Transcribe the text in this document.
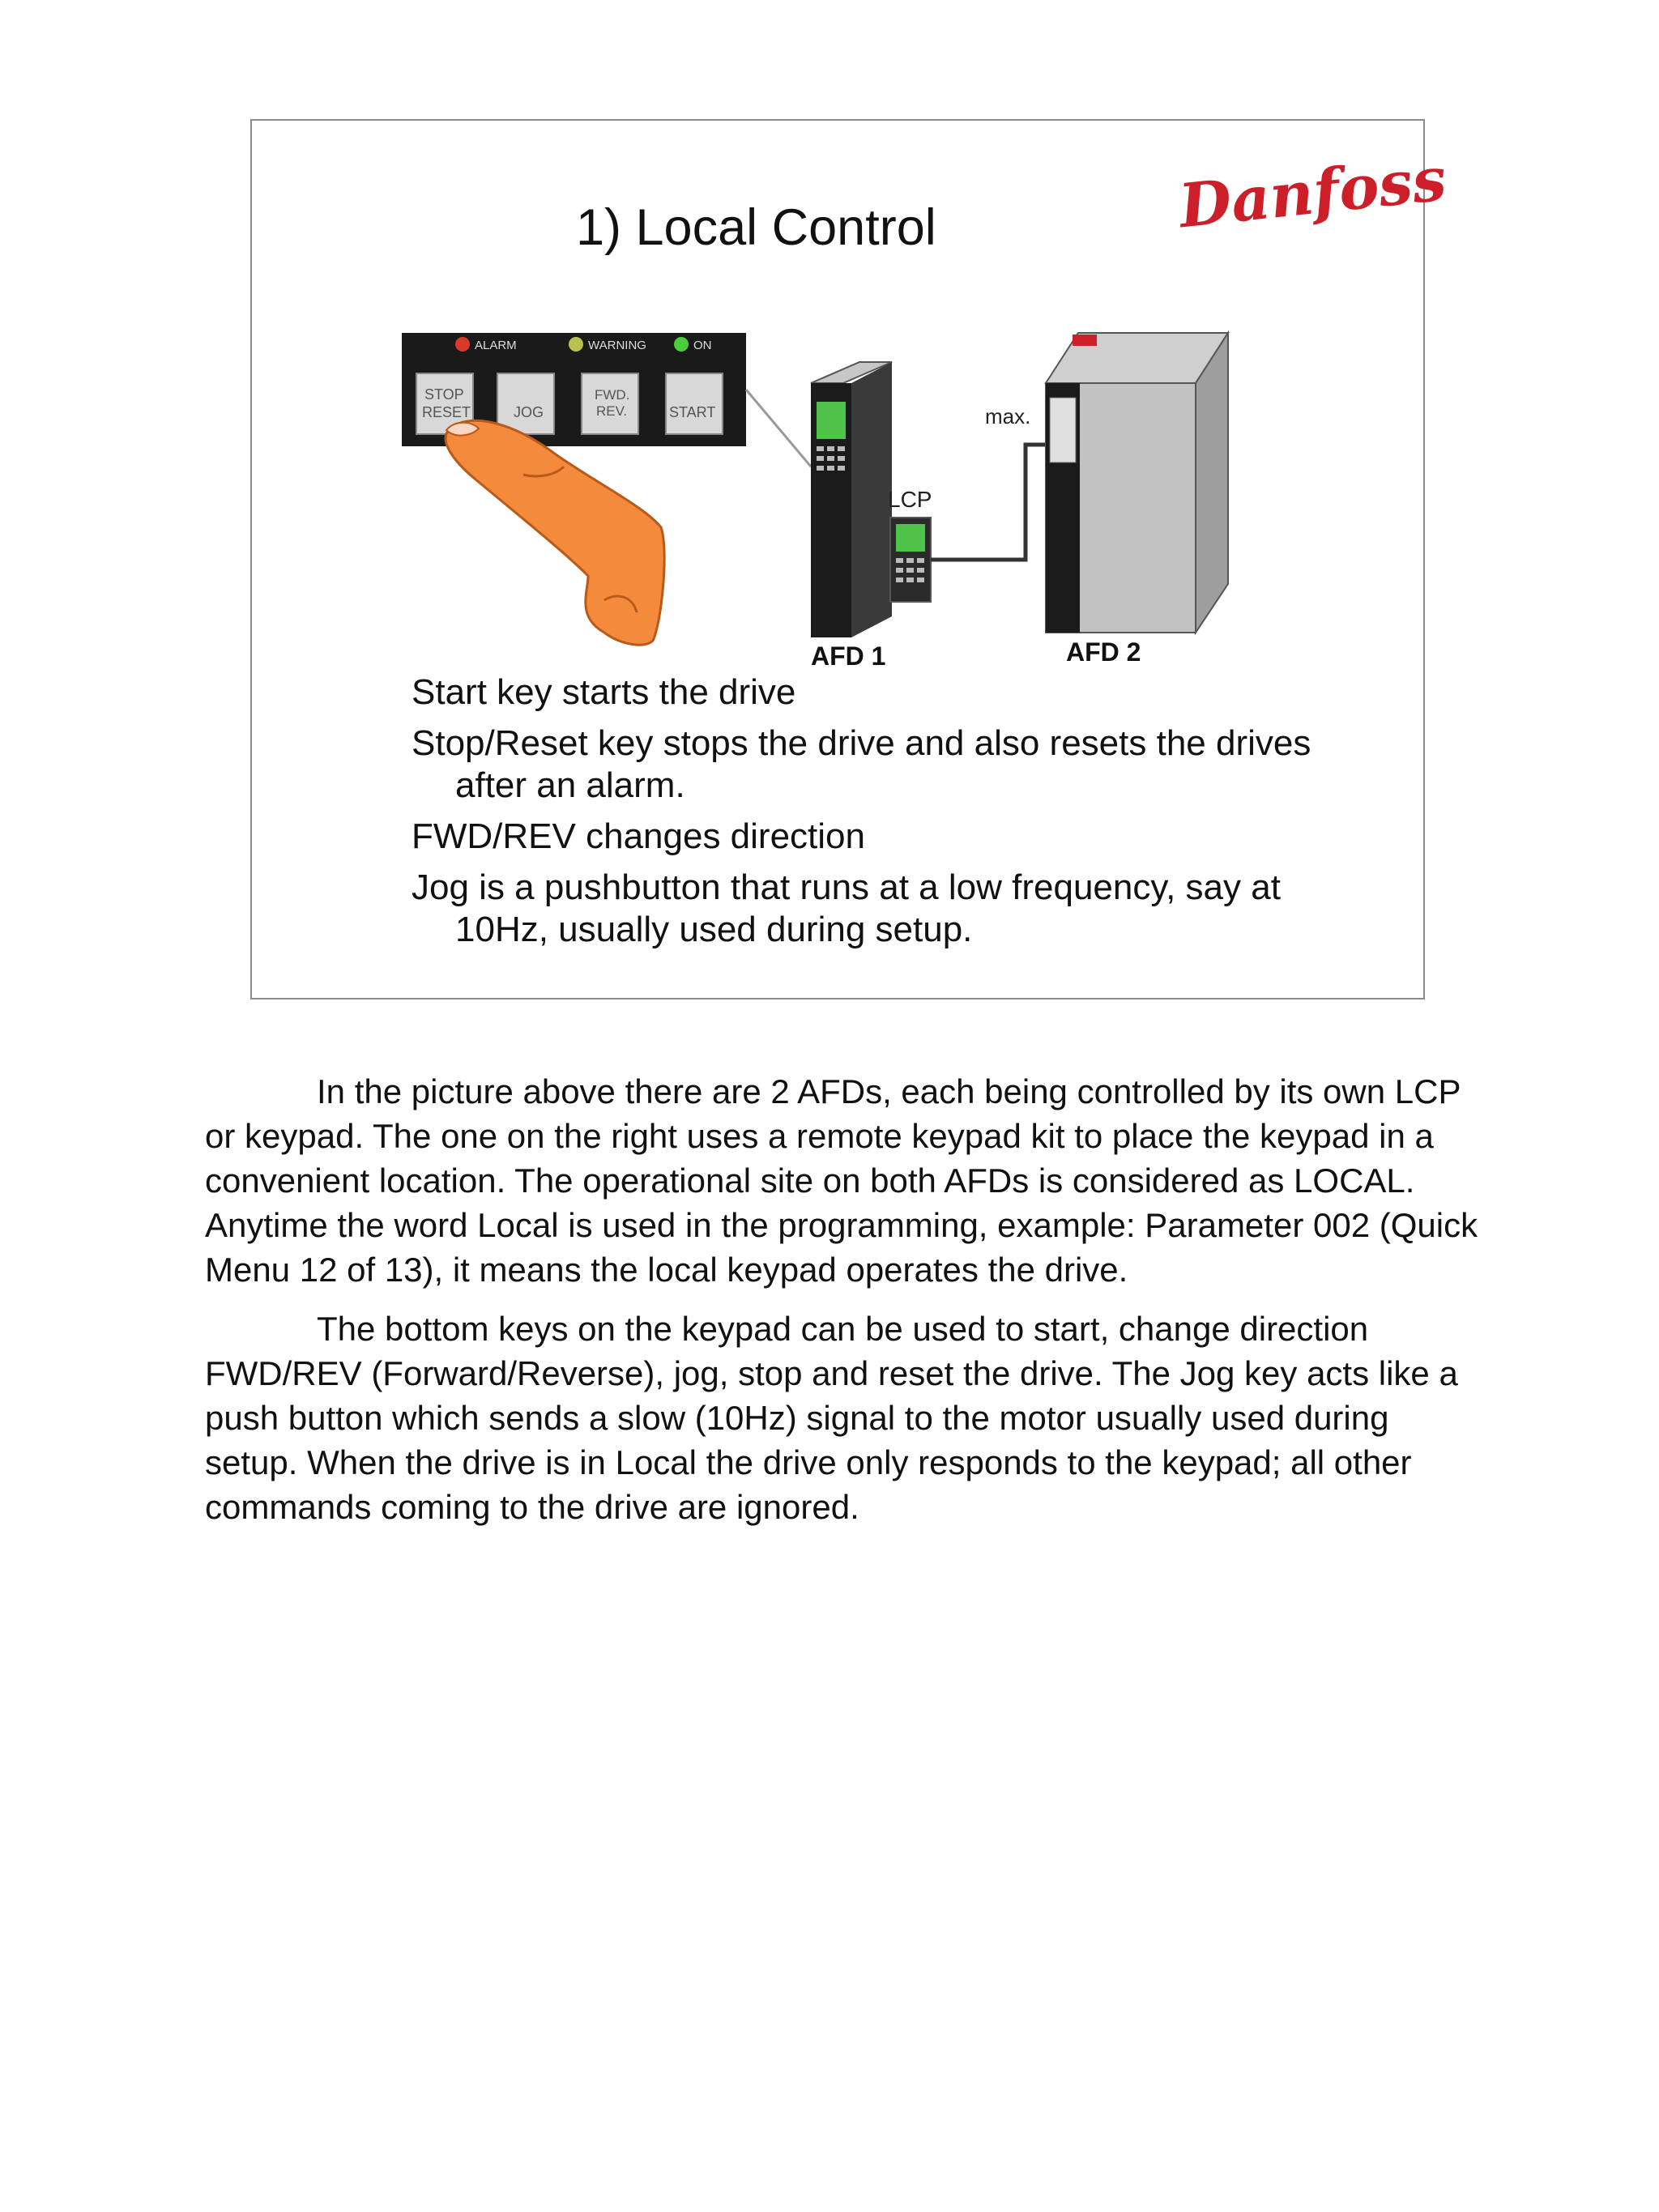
1) Local Control	Danfoss
ALARM	WARNING	ON
STOP
RESET	JOG
FWD.
REV.	START
AFD 1
LCP
max.
AFD 2
Start key starts the drive
Stop/Reset key stops the drive and also resets the drives after an alarm.
FWD/REV changes direction
Jog is a pushbutton that runs at a low frequency, say at 10Hz, usually used during setup.

In the picture above there are 2 AFDs, each being controlled by its own LCP or keypad. The one on the right uses a remote keypad kit to place the keypad in a convenient location. The operational site on both AFDs is considered as LOCAL. Anytime the word Local is used in the programming, example: Parameter 002 (Quick Menu 12 of 13), it means the local keypad operates the drive.

The bottom keys on the keypad can be used to start, change direction FWD/REV (Forward/Reverse), jog, stop and reset the drive. The Jog key acts like a push button which sends a slow (10Hz) signal to the motor usually used during setup. When the drive is in Local the drive only responds to the keypad; all other commands coming to the drive are ignored.
